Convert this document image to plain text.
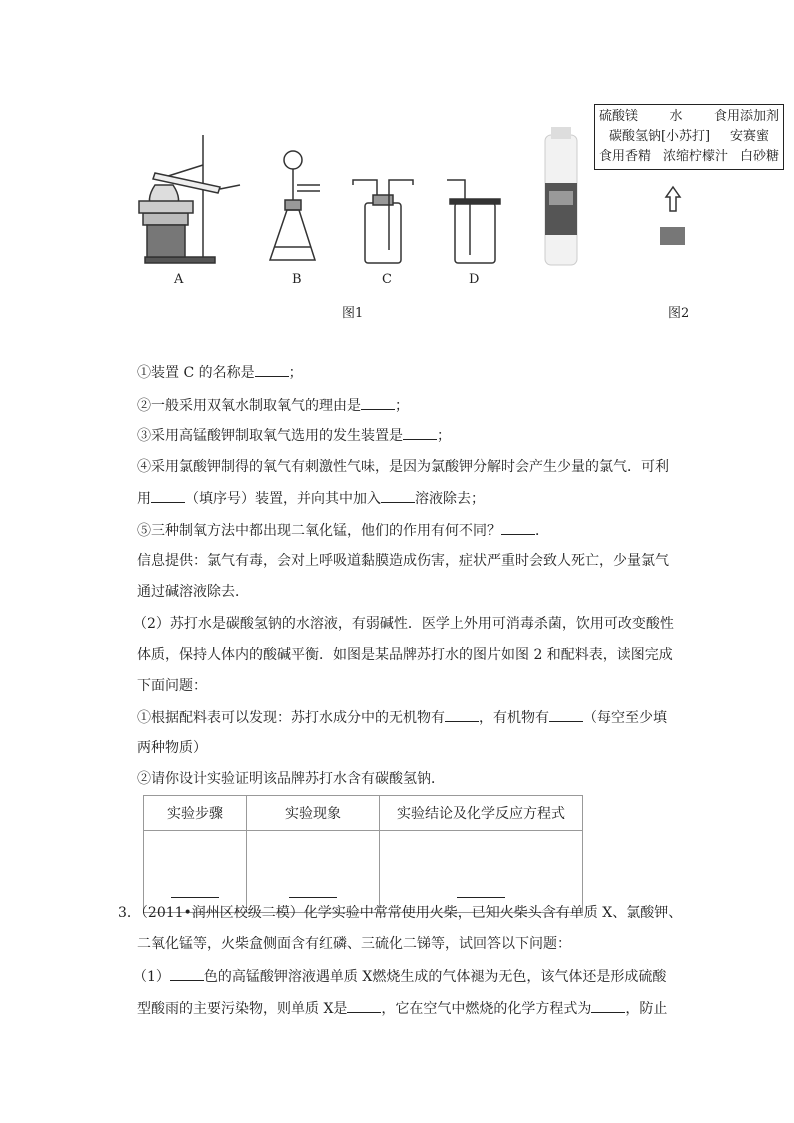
A	B	C	D
图1	图2
硫酸镁 水 食用添加剂
碳酸氢钠[小苏打] 安赛蜜
食用香精 浓缩柠檬汁 白砂糖
①装置 C 的名称是 ；
②一般采用双氧水制取氧气的理由是 ；
③采用高锰酸钾制取氧气选用的发生装置是 ；
④采用氯酸钾制得的氧气有刺激性气味，是因为氯酸钾分解时会产生少量的氯气．可利
用 （填序号）装置，并向其中加入 溶液除去；
⑤三种制氧方法中都出现二氧化锰，他们的作用有何不同？ ．
信息提供：氯气有毒，会对上呼吸道黏膜造成伤害，症状严重时会致人死亡，少量氯气
通过碱溶液除去．
（2）苏打水是碳酸氢钠的水溶液，有弱碱性．医学上外用可消毒杀菌，饮用可改变酸性
体质，保持人体内的酸碱平衡．如图是某品牌苏打水的图片如图 2 和配料表，读图完成
下面问题：
①根据配料表可以发现：苏打水成分中的无机物有 ，有机物有 （每空至少填
两种物质）
②请你设计实验证明该品牌苏打水含有碳酸氢钠．
实验步骤	实验现象	实验结论及化学反应方程式

3．（2011•润州区校级二模）化学实验中常常使用火柴，已知火柴头含有单质 X、氯酸钾、
二氧化锰等，火柴盒侧面含有红磷、三硫化二锑等，试回答以下问题：
（1） 色的高锰酸钾溶液遇单质 X燃烧生成的气体褪为无色，该气体还是形成硫酸
型酸雨的主要污染物，则单质 X是 ，它在空气中燃烧的化学方程式为 ，防止
